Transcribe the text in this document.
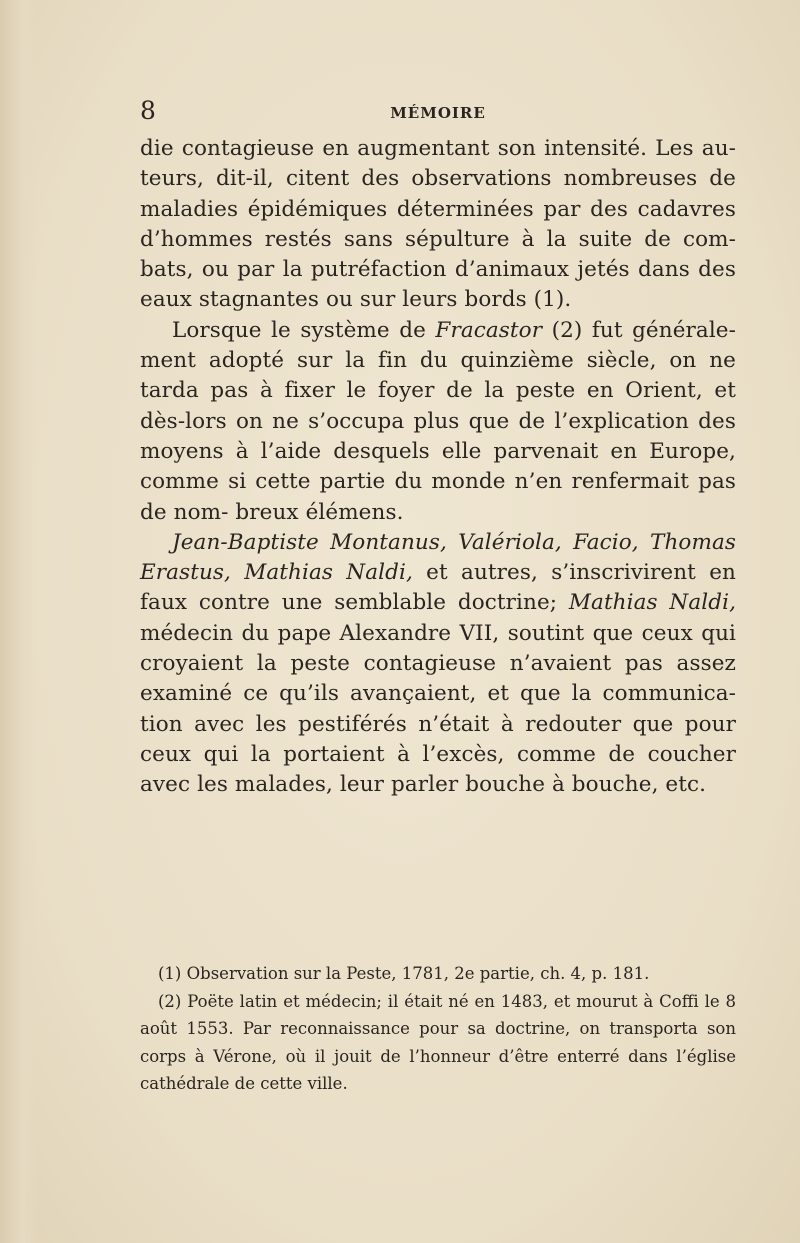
8	MÉMOIRE

die contagieuse en augmentant son intensité. Les au- teurs, dit-il, citent des observations nombreuses de maladies épidémiques déterminées par des cadavres d’hommes restés sans sépulture à la suite de com- bats, ou par la putréfaction d’animaux jetés dans des eaux stagnantes ou sur leurs bords (1).

Lorsque le système de Fracastor (2) fut générale- ment adopté sur la fin du quinzième siècle, on ne tarda pas à fixer le foyer de la peste en Orient, et dès-lors on ne s’occupa plus que de l’explication des moyens à l’aide desquels elle parvenait en Europe, comme si cette partie du monde n’en renfermait pas de nom- breux élémens.

Jean-Baptiste Montanus, Valériola, Facio, Thomas Erastus, Mathias Naldi, et autres, s’inscrivirent en faux contre une semblable doctrine; Mathias Naldi, médecin du pape Alexandre VII, soutint que ceux qui croyaient la peste contagieuse n’avaient pas assez examiné ce qu’ils avançaient, et que la communica- tion avec les pestiférés n’était à redouter que pour ceux qui la portaient à l’excès, comme de coucher avec les malades, leur parler bouche à bouche, etc.

(1) Observation sur la Peste, 1781, 2e partie, ch. 4, p. 181.

(2) Poëte latin et médecin; il était né en 1483, et mourut à Coffi le 8 août 1553. Par reconnaissance pour sa doctrine, on transporta son corps à Vérone, où il jouit de l’honneur d’être enterré dans l’église cathédrale de cette ville.
